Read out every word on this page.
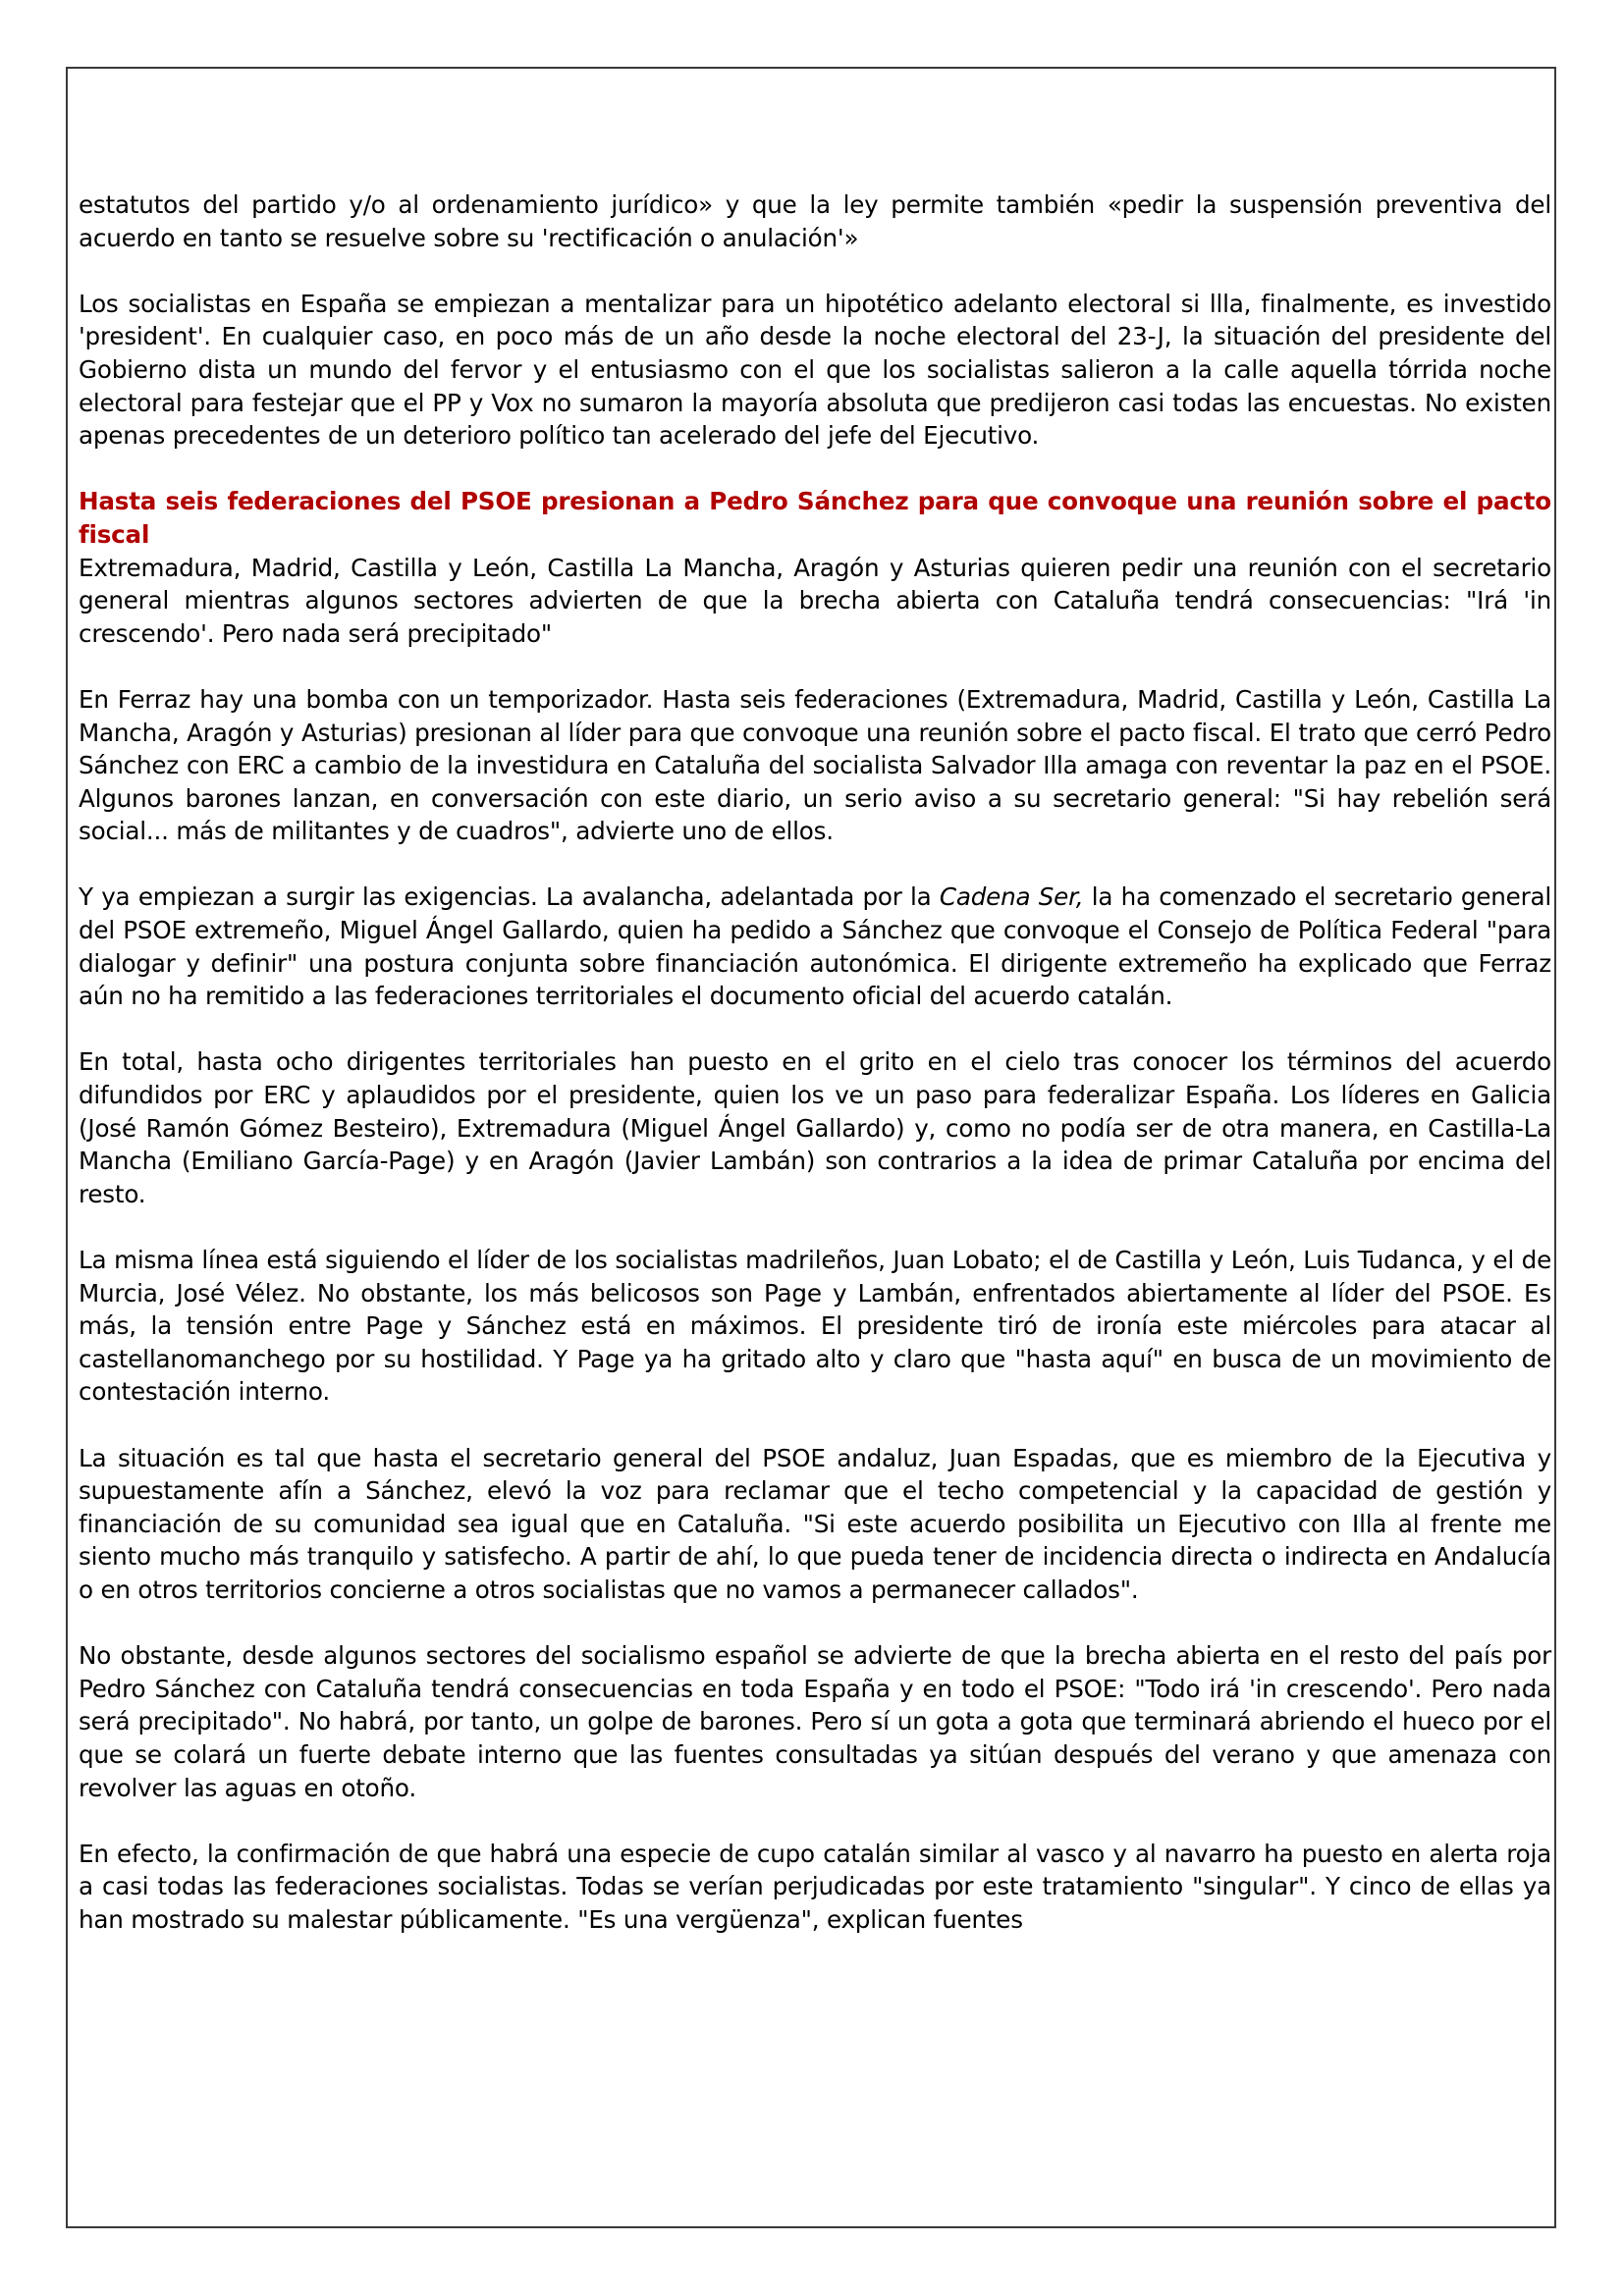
estatutos del partido y/o al ordenamiento jurídico» y que la ley permite también «pedir la suspensión preventiva del acuerdo en tanto se resuelve sobre su 'rectificación o anulación'»

Los socialistas en España se empiezan a mentalizar para un hipotético adelanto electoral si llla, finalmente, es investido 'president'. En cualquier caso, en poco más de un año desde la noche electoral del 23-J, la situación del presidente del Gobierno dista un mundo del fervor y el entusiasmo con el que los socialistas salieron a la calle aquella tórrida noche electoral para festejar que el PP y Vox no sumaron la mayoría absoluta que predijeron casi todas las encuestas. No existen apenas precedentes de un deterioro político tan acelerado del jefe del Ejecutivo.

Hasta seis federaciones del PSOE presionan a Pedro Sánchez para que convoque una reunión sobre el pacto fiscal

Extremadura, Madrid, Castilla y León, Castilla La Mancha, Aragón y Asturias quieren pedir una reunión con el secretario general mientras algunos sectores advierten de que la brecha abierta con Cataluña tendrá consecuencias: "Irá 'in crescendo'. Pero nada será precipitado"

En Ferraz hay una bomba con un temporizador. Hasta seis federaciones (Extremadura, Madrid, Castilla y León, Castilla La Mancha, Aragón y Asturias) presionan al líder para que convoque una reunión sobre el pacto fiscal. El trato que cerró Pedro Sánchez con ERC a cambio de la investidura en Cataluña del socialista Salvador Illa amaga con reventar la paz en el PSOE. Algunos barones lanzan, en conversación con este diario, un serio aviso a su secretario general: "Si hay rebelión será social... más de militantes y de cuadros", advierte uno de ellos.

Y ya empiezan a surgir las exigencias. La avalancha, adelantada por la Cadena Ser, la ha comenzado el secretario general del PSOE extremeño, Miguel Ángel Gallardo, quien ha pedido a Sánchez que convoque el Consejo de Política Federal "para dialogar y definir" una postura conjunta sobre financiación autonómica. El dirigente extremeño ha explicado que Ferraz aún no ha remitido a las federaciones territoriales el documento oficial del acuerdo catalán.

En total, hasta ocho dirigentes territoriales han puesto en el grito en el cielo tras conocer los términos del acuerdo difundidos por ERC y aplaudidos por el presidente, quien los ve un paso para federalizar España. Los líderes en Galicia (José Ramón Gómez Besteiro), Extremadura (Miguel Ángel Gallardo) y, como no podía ser de otra manera, en Castilla-La Mancha (Emiliano García-Page) y en Aragón (Javier Lambán) son contrarios a la idea de primar Cataluña por encima del resto.

La misma línea está siguiendo el líder de los socialistas madrileños, Juan Lobato; el de Castilla y León, Luis Tudanca, y el de Murcia, José Vélez. No obstante, los más belicosos son Page y Lambán, enfrentados abiertamente al líder del PSOE. Es más, la tensión entre Page y Sánchez está en máximos. El presidente tiró de ironía este miércoles para atacar al castellanomanchego por su hostilidad. Y Page ya ha gritado alto y claro que "hasta aquí" en busca de un movimiento de contestación interno.

La situación es tal que hasta el secretario general del PSOE andaluz, Juan Espadas, que es miembro de la Ejecutiva y supuestamente afín a Sánchez, elevó la voz para reclamar que el techo competencial y la capacidad de gestión y financiación de su comunidad sea igual que en Cataluña. "Si este acuerdo posibilita un Ejecutivo con Illa al frente me siento mucho más tranquilo y satisfecho. A partir de ahí, lo que pueda tener de incidencia directa o indirecta en Andalucía o en otros territorios concierne a otros socialistas que no vamos a permanecer callados".

No obstante, desde algunos sectores del socialismo español se advierte de que la brecha abierta en el resto del país por Pedro Sánchez con Cataluña tendrá consecuencias en toda España y en todo el PSOE: "Todo irá 'in crescendo'. Pero nada será precipitado". No habrá, por tanto, un golpe de barones. Pero sí un gota a gota que terminará abriendo el hueco por el que se colará un fuerte debate interno que las fuentes consultadas ya sitúan después del verano y que amenaza con revolver las aguas en otoño.

En efecto, la confirmación de que habrá una especie de cupo catalán similar al vasco y al navarro ha puesto en alerta roja a casi todas las federaciones socialistas. Todas se verían perjudicadas por este tratamiento "singular". Y cinco de ellas ya han mostrado su malestar públicamente. "Es una vergüenza", explican fuentes
